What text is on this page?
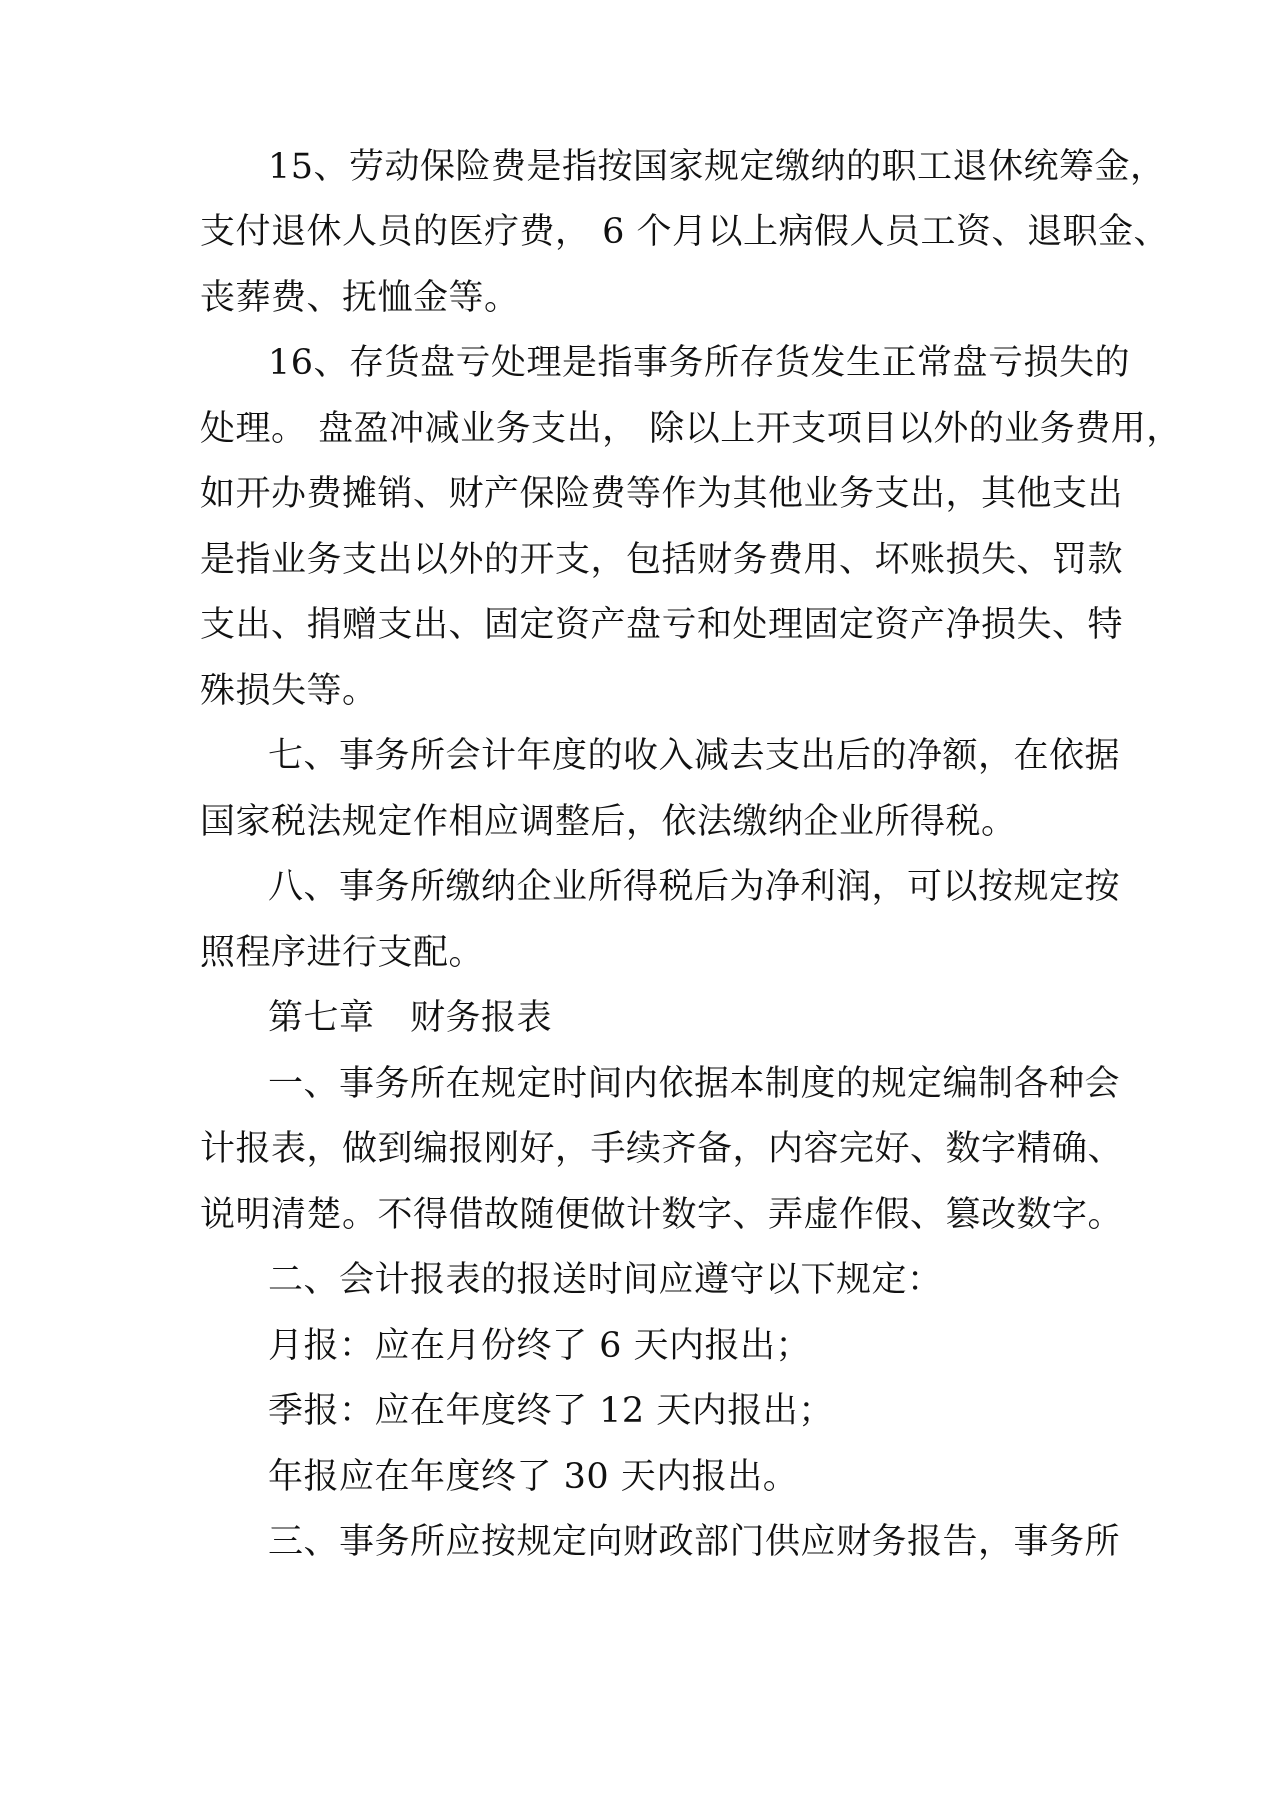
15、劳动保险费是指按国家规定缴纳的职工退休统筹金，
支付退休人员的医疗费， 6 个月以上病假人员工资、退职金、
丧葬费、抚恤金等。
16、存货盘亏处理是指事务所存货发生正常盘亏损失的
处理。 盘盈冲减业务支出， 除以上开支项目以外的业务费用，
如开办费摊销、财产保险费等作为其他业务支出，其他支出
是指业务支出以外的开支，包括财务费用、坏账损失、罚款
支出、捐赠支出、固定资产盘亏和处理固定资产净损失、特
殊损失等。
七、事务所会计年度的收入减去支出后的净额，在依据
国家税法规定作相应调整后，依法缴纳企业所得税。
八、事务所缴纳企业所得税后为净利润，可以按规定按
照程序进行支配。
第七章　财务报表
一、事务所在规定时间内依据本制度的规定编制各种会
计报表，做到编报刚好，手续齐备，内容完好、数字精确、
说明清楚。不得借故随便做计数字、弄虚作假、篡改数字。
二、会计报表的报送时间应遵守以下规定：
月报：应在月份终了 6 天内报出；
季报：应在年度终了 12 天内报出；
年报应在年度终了 30 天内报出。
三、事务所应按规定向财政部门供应财务报告，事务所
